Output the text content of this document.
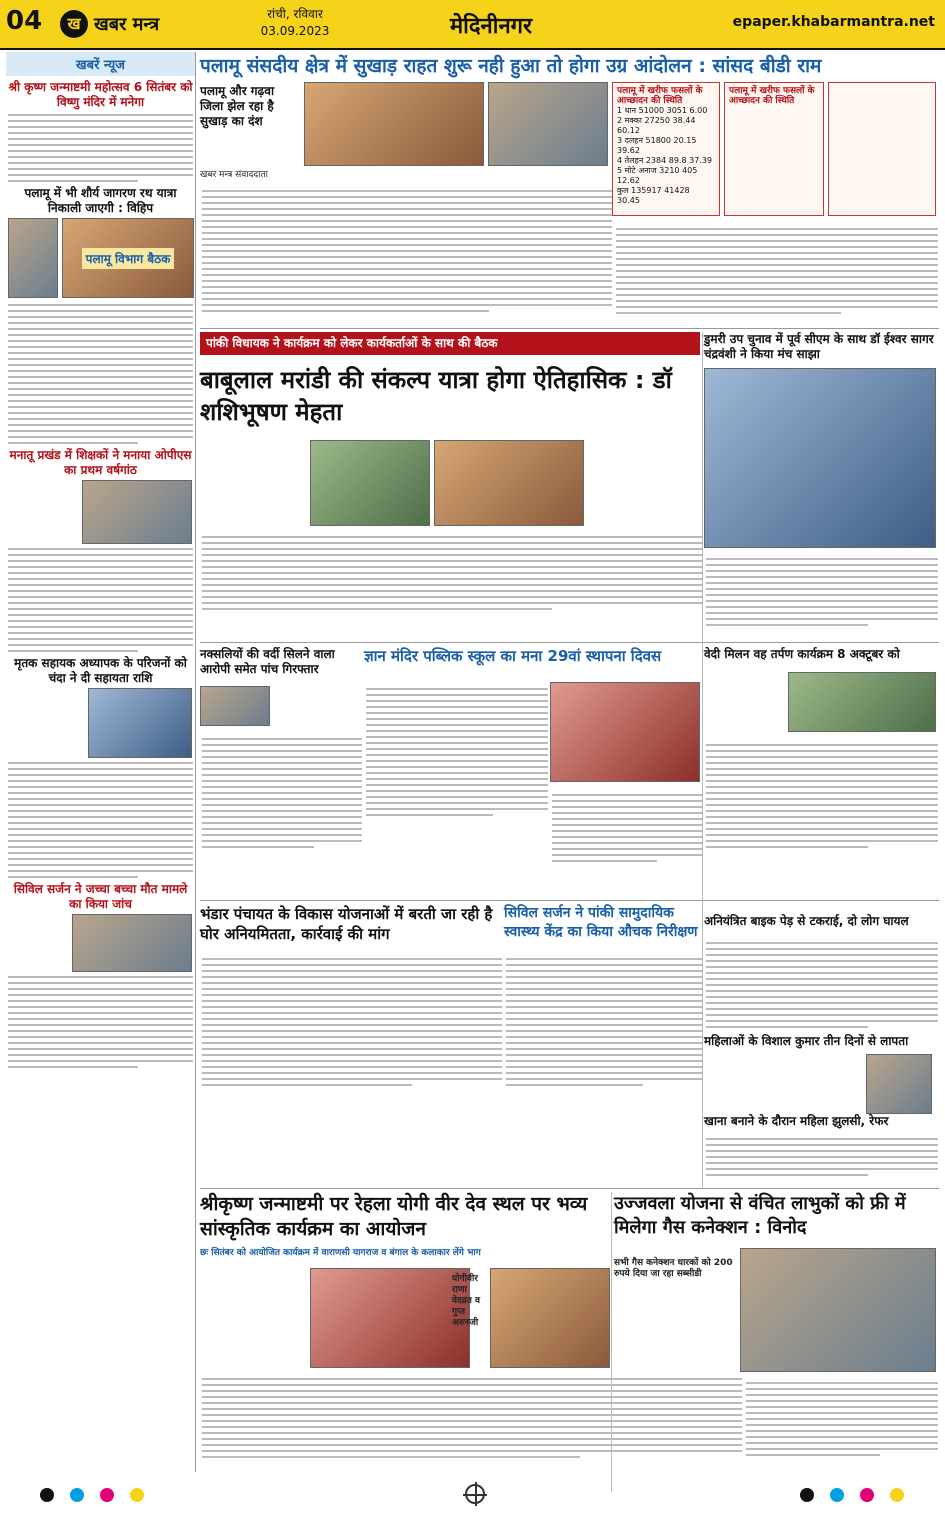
04	ख खबर मन्त्र	रांची, रविवार
03.09.2023	मेदिनीनगर	epaper.khabarmantra.net
खबरें न्यूज
श्री कृष्ण जन्माष्टमी महोत्सव 6 सितंबर को विष्णु मंदिर में मनेगा
पलामू में भी शौर्य जागरण रथ यात्रा निकाली जाएगी : विहिप
पलामू विभाग बैठक
मनातू प्रखंड में शिक्षकों ने मनाया ओपीएस का प्रथम वर्षगांठ
मृतक सहायक अध्यापक के परिजनों को चंदा ने दी सहायता राशि
सिविल सर्जन ने जच्चा बच्चा मौत मामले का किया जांच
पलामू संसदीय क्षेत्र में सुखाड़ राहत शुरू नही हुआ तो होगा उग्र आंदोलन : सांसद बीडी राम
पलामू और गढ़वा जिला झेल रहा है सुखाड़ का दंश
पलामू में खरीफ फसलों के आच्छादन की स्थिति
1 धान 51000 3051 6.00
2 मक्का 27250 38.44 60.12
3 दलहन 51800 20.15 39.62
4 तेलहन 2384 89.8 37.39
5 मोटे अनाज 3210 405 12.62
कुल 135917 41428 30.45
पलामू में खरीफ फसलों के आच्छादन की स्थिति
खबर मन्त्र संवाददाता
पांकी विधायक ने कार्यक्रम को लेकर कार्यकर्ताओं के साथ की बैठक	डुमरी उप चुनाव में पूर्व सीएम के साथ डॉ ईश्वर सागर चंद्रवंशी ने किया मंच साझा
बाबूलाल मरांडी की संकल्प यात्रा होगा ऐतिहासिक : डॉ शशिभूषण मेहता
नक्सलियों की वर्दी सिलने वाला आरोपी समेत पांच गिरफ्तार
ज्ञान मंदिर पब्लिक स्कूल का मना 29वां स्थापना दिवस	वेदी मिलन वह तर्पण कार्यक्रम 8 अक्टूबर को
भंडार पंचायत के विकास योजनाओं में बरती जा रही है घोर अनियमितता, कार्रवाई की मांग
सिविल सर्जन ने पांकी सामुदायिक स्वास्थ्य केंद्र का किया औचक निरीक्षण
अनियंत्रित बाइक पेड़ से टकराई, दो लोग घायल
महिलाओं के विशाल कुमार तीन दिनों से लापता
खाना बनाने के दौरान महिला झुलसी, रेफर
श्रीकृष्ण जन्माष्टमी पर रेहला योगी वीर देव स्थल पर भव्य सांस्कृतिक कार्यक्रम का आयोजन
उज्जवला योजना से वंचित लाभुकों को फ्री में मिलेगा गैस कनेक्शन : विनोद
छः सितंबर को आयोजित कार्यक्रम में वाराणसी यागराज व बंगाल के कलाकार लेंगे भाग
योगीवीर राणा वेदव्रत व गुप्त अरुनजी
सभी गैस कनेक्शन धारकों को 200 रुपये दिया जा रहा सब्सीडी
